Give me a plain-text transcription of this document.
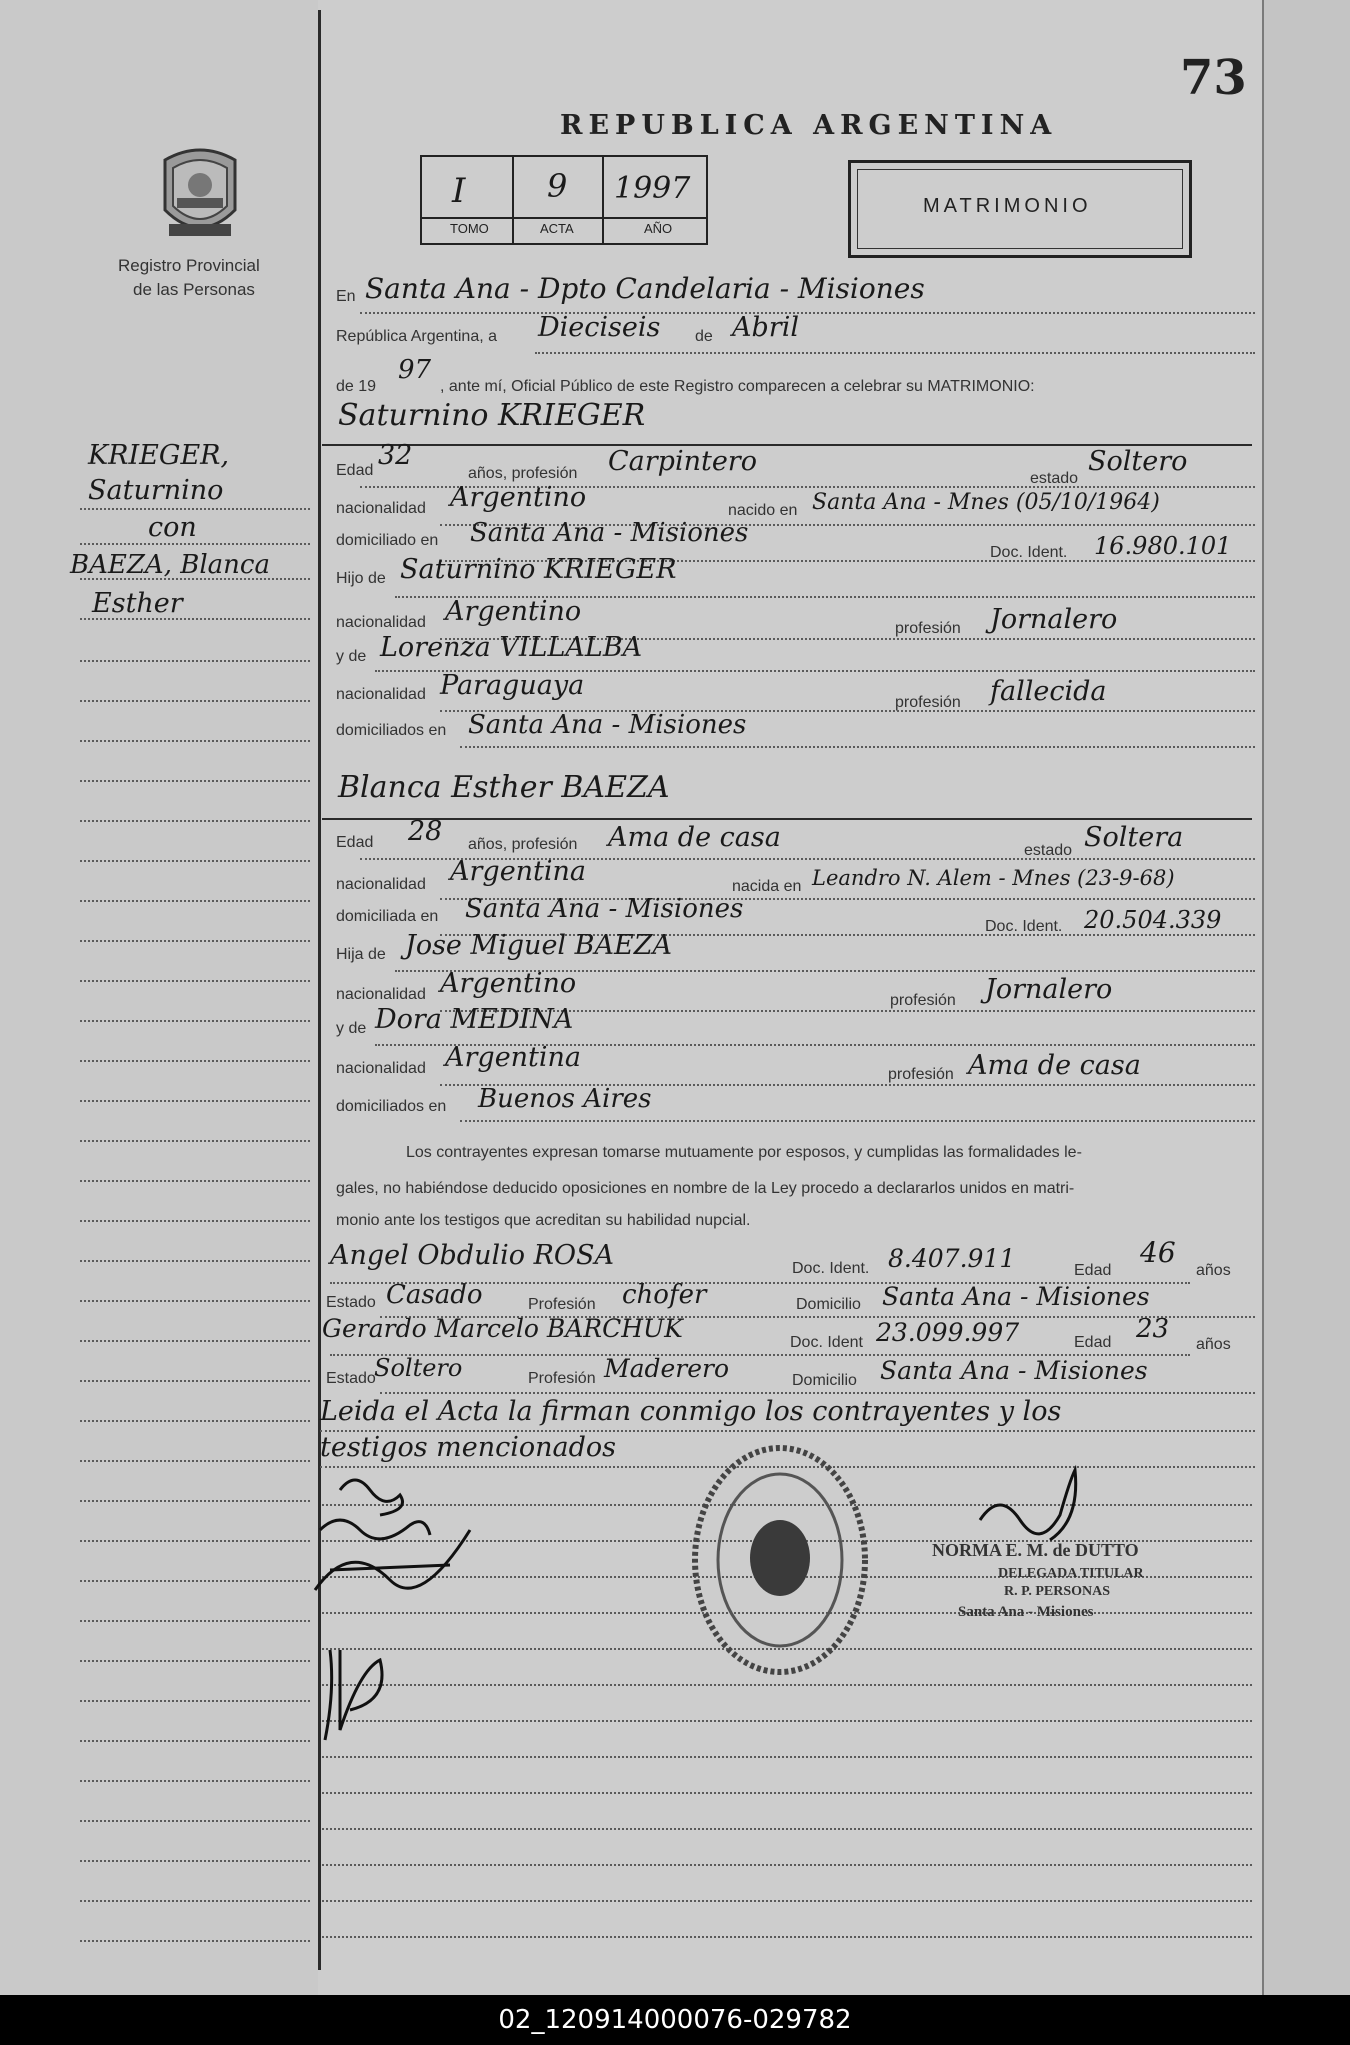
73
Registro Provincial
de las Personas
REPUBLICA ARGENTINA
I	9 1997
TOMO	ACTA	AÑO
MATRIMONIO
KRIEGER,
Saturnino
con
BAEZA, Blanca
Esther
En Santa Ana - Dpto Candelaria - Misiones
República Argentina, a Dieciseis de Abril
de 19
97
, ante mí, Oficial Público de este Registro comparecen a celebrar su MATRIMONIO:
Saturnino KRIEGER
Edad 32
años, profesión Carpintero
estado
Soltero
nacionalidad Argentino	nacido en Santa Ana - Mnes (05/10/1964)
domiciliado en Santa Ana - Misiones
Doc. Ident. 16.980.101
Hijo de Saturnino KRIEGER
nacionalidad Argentino
profesión Jornalero
y de Lorenza VILLALBA
nacionalidad Paraguaya
profesión fallecida
domiciliados en Santa Ana - Misiones
Blanca Esther BAEZA
Edad 28 años, profesión Ama de casa	estado Soltera
nacionalidad Argentina	nacida en Leandro N. Alem - Mnes (23-9-68)
domiciliada en Santa Ana - Misiones
Doc. Ident. 20.504.339
Hija de Jose Miguel BAEZA
nacionalidad Argentino
profesión Jornalero
y de Dora MEDINA
nacionalidad Argentina
profesión Ama de casa
domiciliados en Buenos Aires
Los contrayentes expresan tomarse mutuamente por esposos, y cumplidas las formalidades le-
gales, no habiéndose deducido oposiciones en nombre de la Ley procedo a declararlos unidos en matri-
monio ante los testigos que acreditan su habilidad nupcial.
Angel Obdulio ROSA	Doc. Ident. 8.407.911	Edad
46
años
Estado Casado	Profesión chofer	Domicilio Santa Ana - Misiones
Gerardo Marcelo BARCHUK	Doc. Ident 23.099.997	Edad 23
años
Estado
Soltero	Profesión Maderero	Domicilio Santa Ana - Misiones
Leida el Acta la firman conmigo los contrayentes y los
testigos mencionados
NORMA E. M. de DUTTO
DELEGADA TITULAR
R. P. PERSONAS
Santa Ana - Misiones
02_120914000076-029782
